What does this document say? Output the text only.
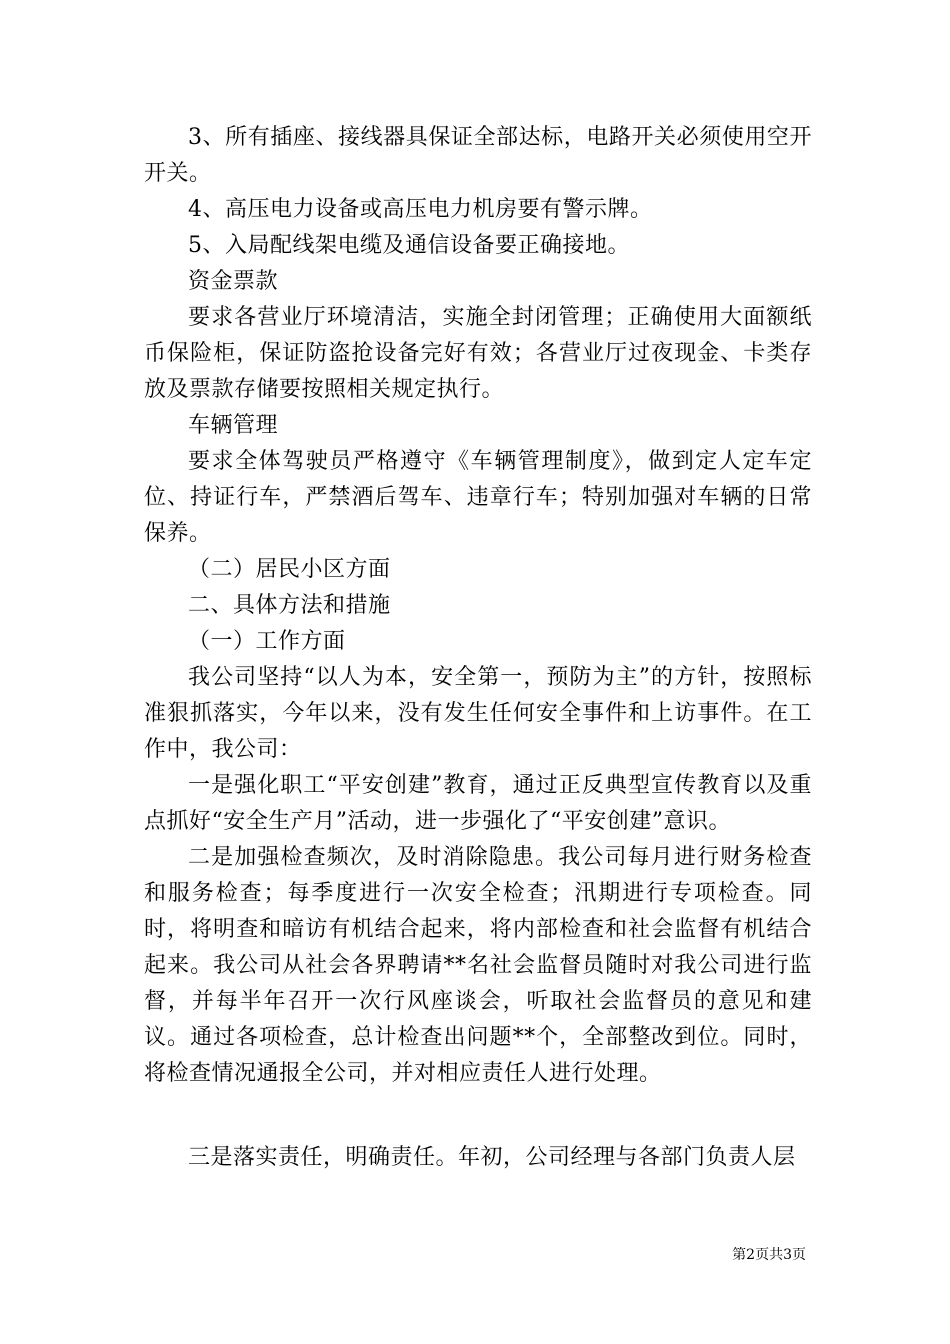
3、所有插座、接线器具保证全部达标，电路开关必须使用空开开关。

4、高压电力设备或高压电力机房要有警示牌。

5、入局配线架电缆及通信设备要正确接地。

资金票款

要求各营业厅环境清洁，实施全封闭管理；正确使用大面额纸币保险柜，保证防盗抢设备完好有效；各营业厅过夜现金、卡类存放及票款存储要按照相关规定执行。

车辆管理

要求全体驾驶员严格遵守《车辆管理制度》，做到定人定车定位、持证行车，严禁酒后驾车、违章行车；特别加强对车辆的日常保养。

（二）居民小区方面

二、具体方法和措施

（一）工作方面

我公司坚持“以人为本，安全第一，预防为主”的方针，按照标准狠抓落实，今年以来，没有发生任何安全事件和上访事件。在工作中，我公司：

一是强化职工“平安创建”教育，通过正反典型宣传教育以及重点抓好“安全生产月”活动，进一步强化了“平安创建”意识。

二是加强检查频次，及时消除隐患。我公司每月进行财务检查和服务检查；每季度进行一次安全检查；汛期进行专项检查。同时，将明查和暗访有机结合起来，将内部检查和社会监督有机结合起来。我公司从社会各界聘请**名社会监督员随时对我公司进行监督，并每半年召开一次行风座谈会，听取社会监督员的意见和建议。通过各项检查，总计检查出问题**个，全部整改到位。同时，将检查情况通报全公司，并对相应责任人进行处理。

三是落实责任，明确责任。年初，公司经理与各部门负责人层

第2页共3页
